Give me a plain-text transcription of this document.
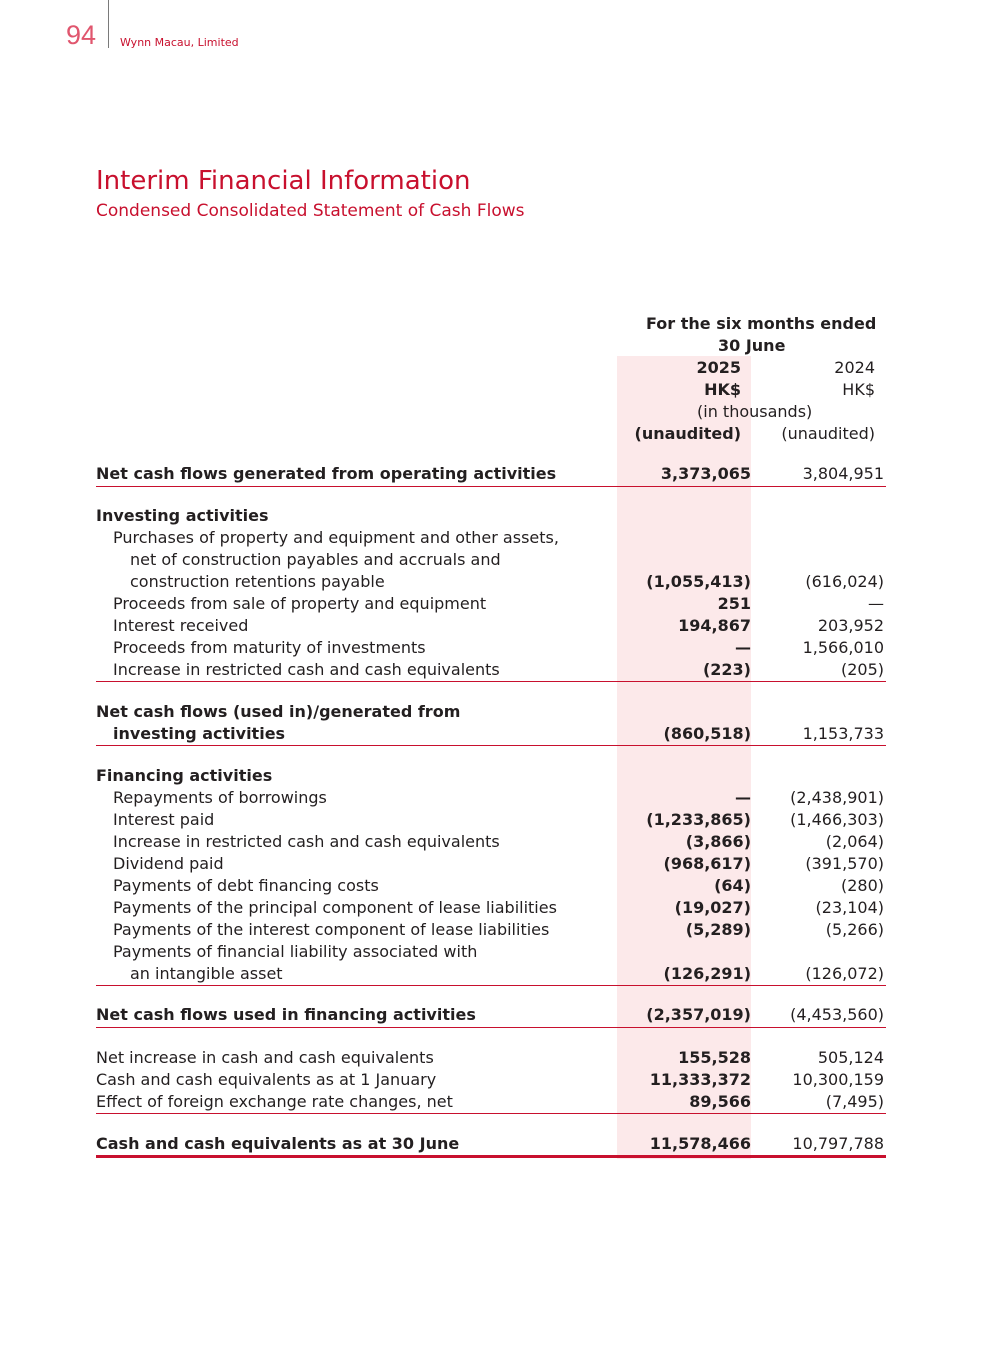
94 Wynn Macau, Limited
Interim Financial Information
Condensed Consolidated Statement of Cash Flows
For the six months ended
30 June
2025	2024
HK$	HK$
(in thousands)
(unaudited)	(unaudited)
Net cash flows generated from operating activities	3,373,065	3,804,951
Investing activities
Purchases of property and equipment and other assets,
net of construction payables and accruals and
construction retentions payable	(1,055,413)	(616,024)
Proceeds from sale of property and equipment	251	—
Interest received	194,867	203,952
Proceeds from maturity of investments	—	1,566,010
Increase in restricted cash and cash equivalents	(223)	(205)
Net cash flows (used in)/generated from
investing activities	(860,518)	1,153,733
Financing activities
Repayments of borrowings	—	(2,438,901)
Interest paid	(1,233,865)	(1,466,303)
Increase in restricted cash and cash equivalents	(3,866)	(2,064)
Dividend paid	(968,617)	(391,570)
Payments of debt financing costs	(64)	(280)
Payments of the principal component of lease liabilities	(19,027)	(23,104)
Payments of the interest component of lease liabilities	(5,289)	(5,266)
Payments of financial liability associated with
an intangible asset	(126,291)	(126,072)
Net cash flows used in financing activities	(2,357,019)	(4,453,560)
Net increase in cash and cash equivalents	155,528	505,124
Cash and cash equivalents as at 1 January	11,333,372	10,300,159
Effect of foreign exchange rate changes, net	89,566	(7,495)
Cash and cash equivalents as at 30 June	11,578,466	10,797,788
